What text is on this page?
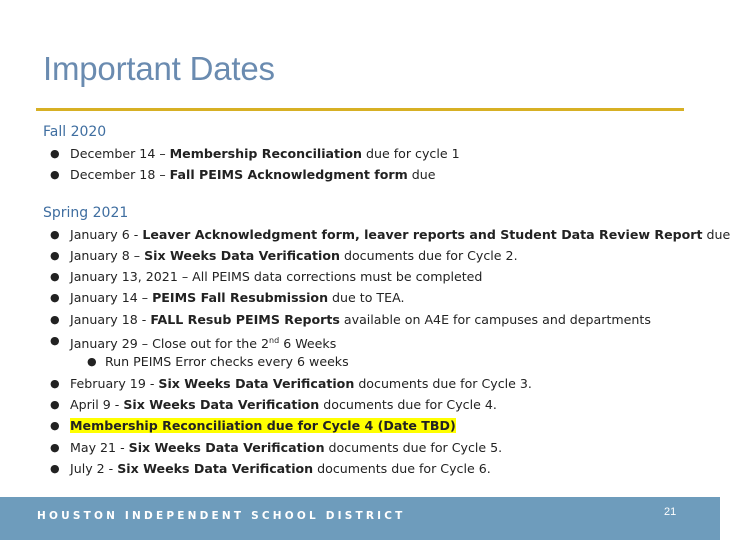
Important Dates
Fall 2020
● December 14 – Membership Reconciliation due for cycle 1
● December 18 – Fall PEIMS Acknowledgment form due
Spring 2021
● January 6 - Leaver Acknowledgment form, leaver reports and Student Data Review Report due
● January 8 – Six Weeks Data Verification documents due for Cycle 2.
● January 13, 2021 – All PEIMS data corrections must be completed
● January 14 – PEIMS Fall Resubmission due to TEA.
● January 18 - FALL Resub PEIMS Reports available on A4E for campuses and departments
● January 29 – Close out for the 2nd 6 Weeks
● Run PEIMS Error checks every 6 weeks
● February 19 - Six Weeks Data Verification documents due for Cycle 3.
● April 9 - Six Weeks Data Verification documents due for Cycle 4.
● Membership Reconciliation due for Cycle 4 (Date TBD)
● May 21 - Six Weeks Data Verification documents due for Cycle 5.
● July 2 - Six Weeks Data Verification documents due for Cycle 6.
HOUSTON INDEPENDENT SCHOOL DISTRICT	21
